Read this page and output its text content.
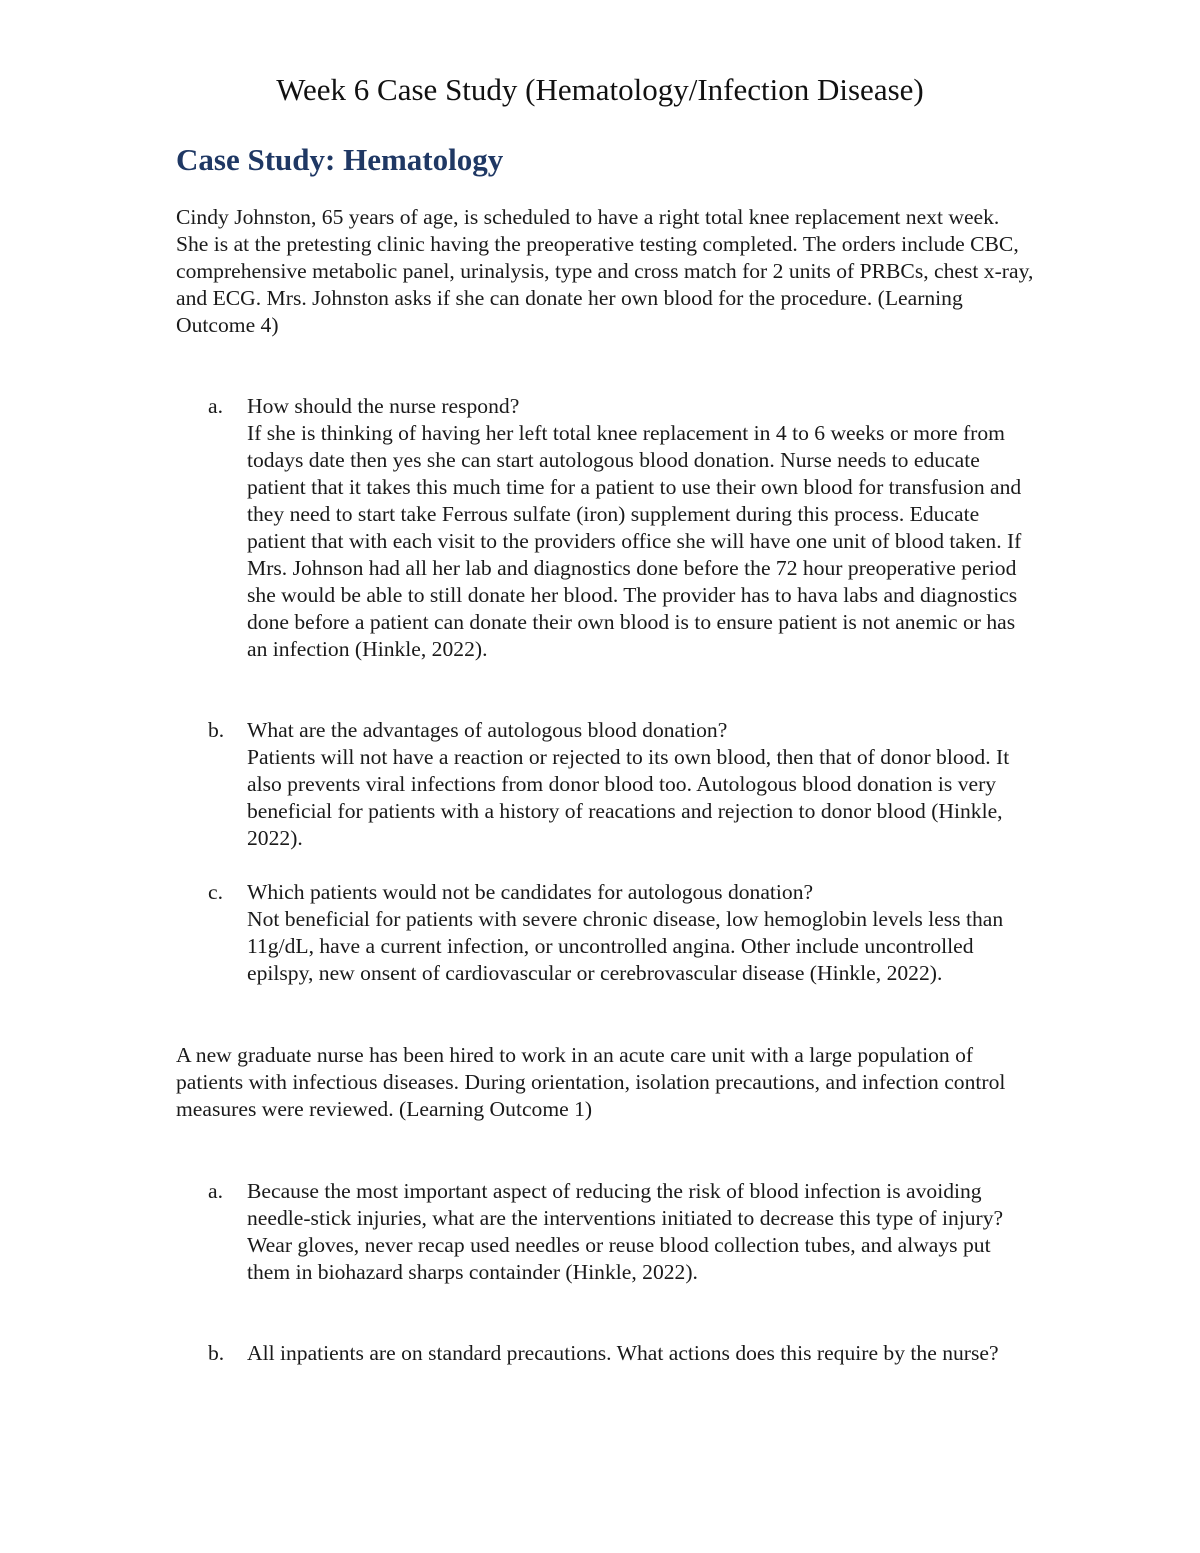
Week 6 Case Study (Hematology/Infection Disease)
Case Study: Hematology

Cindy Johnston, 65 years of age, is scheduled to have a right total knee replacement next week. She is at the pretesting clinic having the preoperative testing completed. The orders include CBC, comprehensive metabolic panel, urinalysis, type and cross match for 2 units of PRBCs, chest x-ray, and ECG. Mrs. Johnston asks if she can donate her own blood for the procedure. (Learning Outcome 4)

a.	How should the nurse respond?
If she is thinking of having her left total knee replacement in 4 to 6 weeks or more from todays date then yes she can start autologous blood donation. Nurse needs to educate patient that it takes this much time for a patient to use their own blood for transfusion and they need to start take Ferrous sulfate (iron) supplement during this process. Educate patient that with each visit to the providers office she will have one unit of blood taken. If Mrs. Johnson had all her lab and diagnostics done before the 72 hour preoperative period she would be able to still donate her blood. The provider has to hava labs and diagnostics done before a patient can donate their own blood is to ensure patient is not anemic or has an infection (Hinkle, 2022).
b.	What are the advantages of autologous blood donation?
Patients will not have a reaction or rejected to its own blood, then that of donor blood. It also prevents viral infections from donor blood too. Autologous blood donation is very beneficial for patients with a history of reacations and rejection to donor blood (Hinkle, 2022).
c.	Which patients would not be candidates for autologous donation?
Not beneficial for patients with severe chronic disease, low hemoglobin levels less than 11g/dL, have a current infection, or uncontrolled angina. Other include uncontrolled epilspy, new onsent of cardiovascular or cerebrovascular disease (Hinkle, 2022).

A new graduate nurse has been hired to work in an acute care unit with a large population of patients with infectious diseases. During orientation, isolation precautions, and infection control measures were reviewed. (Learning Outcome 1)

a.	Because the most important aspect of reducing the risk of blood infection is avoiding needle-stick injuries, what are the interventions initiated to decrease this type of injury?
Wear gloves, never recap used needles or reuse blood collection tubes, and always put them in biohazard sharps containder (Hinkle, 2022).
b.	All inpatients are on standard precautions. What actions does this require by the nurse?
